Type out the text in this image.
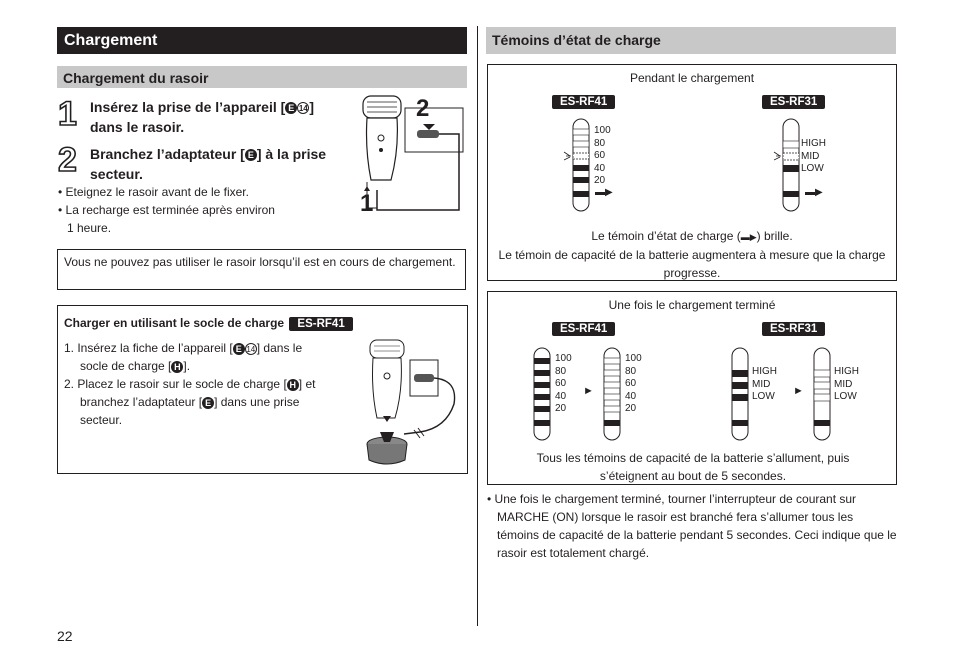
Chargement
Chargement du rasoir
1 Insérez la prise de l’appareil [ E 14 ]
dans le rasoir.
2 Branchez l’adaptateur [ E ] à la prise
secteur.
• Eteignez le rasoir avant de le fixer.
• La recharge est terminée après environ
1 heure.
2
1
Vous ne pouvez pas utiliser le rasoir lorsqu’il est en cours de chargement.
Charger en utilisant le socle de charge ES-RF41
1. Insérez la fiche de l’appareil [ E 14 ] dans le
socle de charge [ H ].
2. Placez le rasoir sur le socle de charge [ H ] et
branchez l’adaptateur [ E ] dans une prise
secteur.
22
Témoins d’état de charge
Pendant le chargement
ES-RF41	ES-RF31
100
80
60
40
20
▬▶
HIGH
MID
LOW
▬▶
Le témoin d’état de charge (▬▶) brille.
Le témoin de capacité de la batterie augmentera à mesure que la charge progresse.
Une fois le chargement terminé
ES-RF41	ES-RF31
100
80
60
40
20
►
100
80
60
40
20
HIGH
MID
LOW ►
HIGH
MID
LOW
Tous les témoins de capacité de la batterie s’allument, puis s’éteignent au bout de 5 secondes.
• Une fois le chargement terminé, tourner l’interrupteur de courant sur MARCHE (ON) lorsque le rasoir est branché fera s’allumer tous les témoins de capacité de la batterie pendant 5 secondes. Ceci indique que le rasoir est totalement chargé.
